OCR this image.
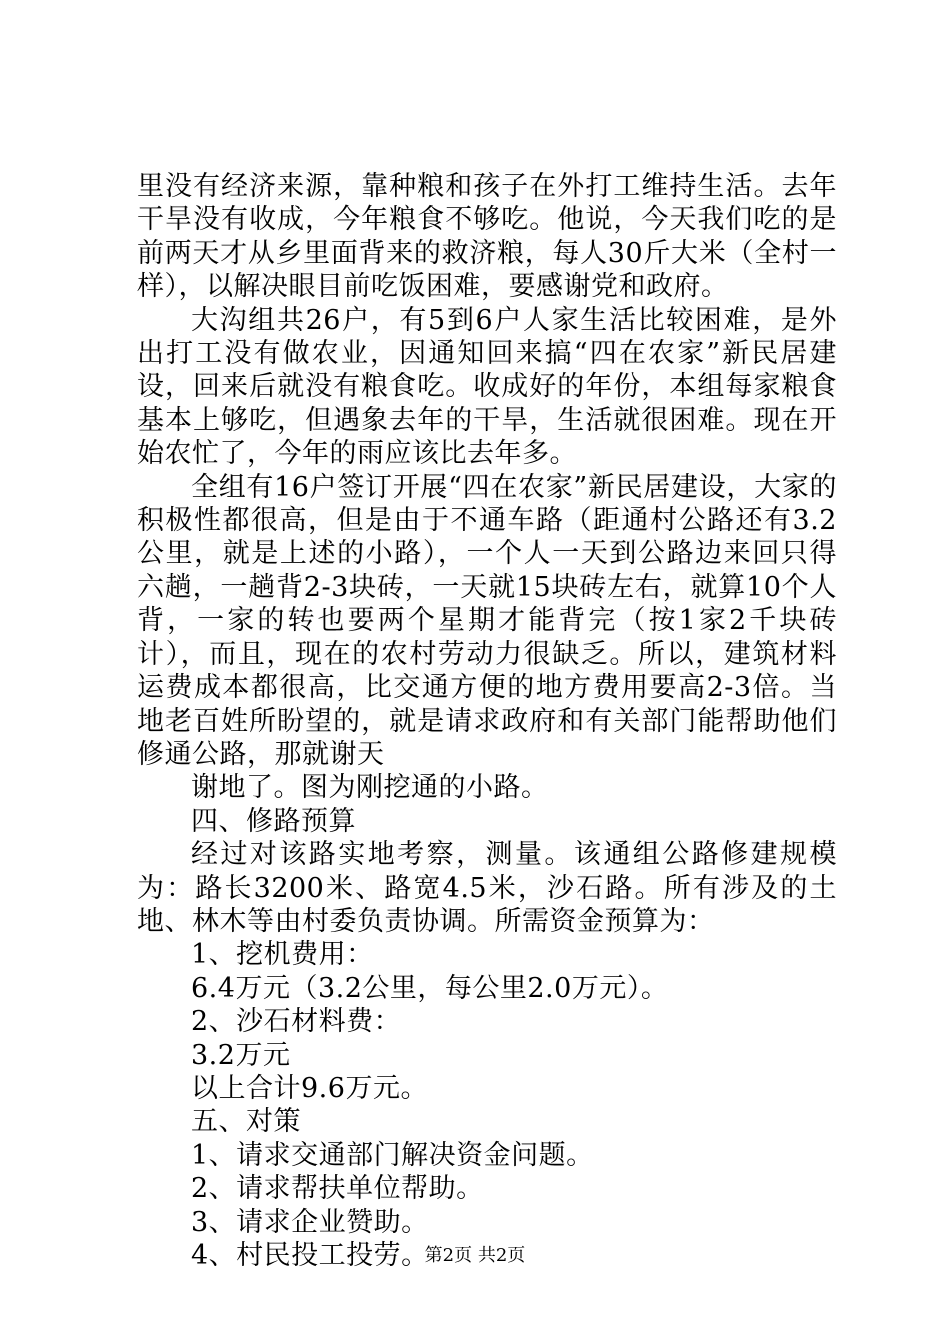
里没有经济来源，靠种粮和孩子在外打工维持生活。去年干旱没有收成，今年粮食不够吃。他说，今天我们吃的是前两天才从乡里面背来的救济粮，每人30斤大米（全村一样），以解决眼目前吃饭困难，要感谢党和政府。

大沟组共26户，有5到6户人家生活比较困难，是外出打工没有做农业，因通知回来搞“四在农家”新民居建设，回来后就没有粮食吃。收成好的年份，本组每家粮食基本上够吃，但遇象去年的干旱，生活就很困难。现在开始农忙了，今年的雨应该比去年多。

全组有16户签订开展“四在农家”新民居建设，大家的积极性都很高，但是由于不通车路（距通村公路还有3.2公里，就是上述的小路），一个人一天到公路边来回只得六趟，一趟背2-3块砖，一天就15块砖左右，就算10个人背，一家的转也要两个星期才能背完（按1家2千块砖计），而且，现在的农村劳动力很缺乏。所以，建筑材料运费成本都很高，比交通方便的地方费用要高2-3倍。当地老百姓所盼望的，就是请求政府和有关部门能帮助他们修通公路，那就谢天

谢地了。图为刚挖通的小路。

四、修路预算

经过对该路实地考察，测量。该通组公路修建规模为：路长3200米、路宽4.5米，沙石路。所有涉及的土地、林木等由村委负责协调。所需资金预算为：

1、挖机费用：

6.4万元（3.2公里，每公里2.0万元）。

2、沙石材料费：

3.2万元

以上合计9.6万元。

五、对策

1、请求交通部门解决资金问题。

2、请求帮扶单位帮助。

3、请求企业赞助。

4、村民投工投劳。

第2页 共2页
